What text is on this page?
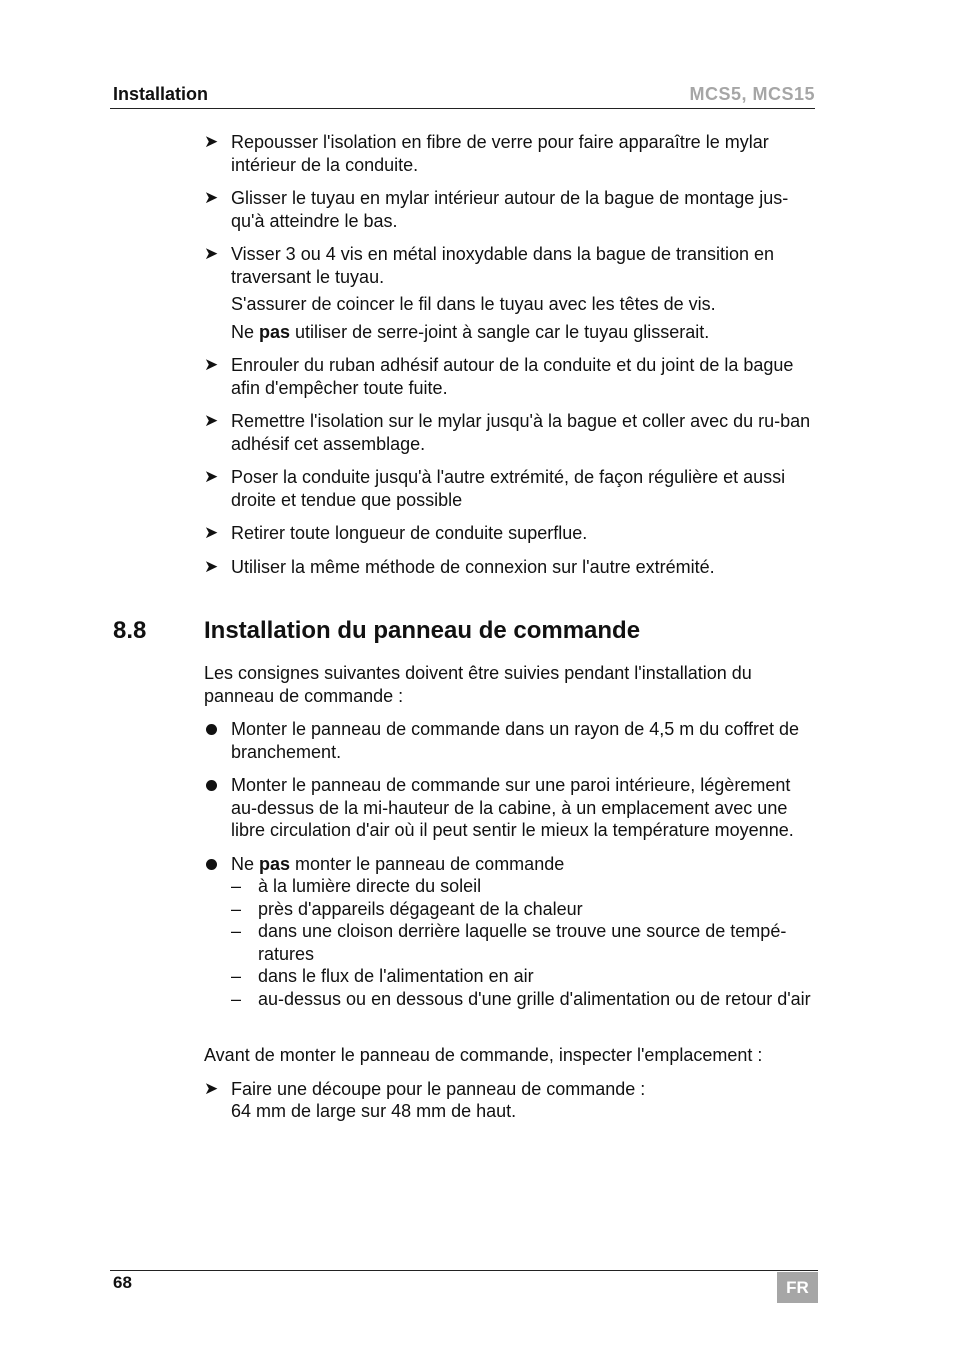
Installation	MCS5, MCS15
➤ Repousser l'isolation en fibre de verre pour faire apparaître le mylar intérieur de la conduite.

➤ Glisser le tuyau en mylar intérieur autour de la bague de montage jus-qu'à atteindre le bas.

➤ Visser 3 ou 4 vis en métal inoxydable dans la bague de transition en traversant le tuyau.

S'assurer de coincer le fil dans le tuyau avec les têtes de vis.

Ne pas utiliser de serre-joint à sangle car le tuyau glisserait.

➤ Enrouler du ruban adhésif autour de la conduite et du joint de la bague afin d'empêcher toute fuite.

➤ Remettre l'isolation sur le mylar jusqu'à la bague et coller avec du ru-ban adhésif cet assemblage.

➤ Poser la conduite jusqu'à l'autre extrémité, de façon régulière et aussi droite et tendue que possible

➤ Retirer toute longueur de conduite superflue.

➤ Utiliser la même méthode de connexion sur l'autre extrémité.

8.8 Installation du panneau de commande

Les consignes suivantes doivent être suivies pendant l'installation du panneau de commande :

Monter le panneau de commande dans un rayon de 4,5 m du coffret de branchement.

Monter le panneau de commande sur une paroi intérieure, légèrement au-dessus de la mi-hauteur de la cabine, à un emplacement avec une libre circulation d'air où il peut sentir le mieux la température moyenne.

Ne pas monter le panneau de commande

– à la lumière directe du soleil
– près d'appareils dégageant de la chaleur
– dans une cloison derrière laquelle se trouve une source de tempé-ratures
– dans le flux de l'alimentation en air
– au-dessus ou en dessous d'une grille d'alimentation ou de retour d'air

Avant de monter le panneau de commande, inspecter l'emplacement :

➤ Faire une découpe pour le panneau de commande :

64 mm de large sur 48 mm de haut.

68	FR
